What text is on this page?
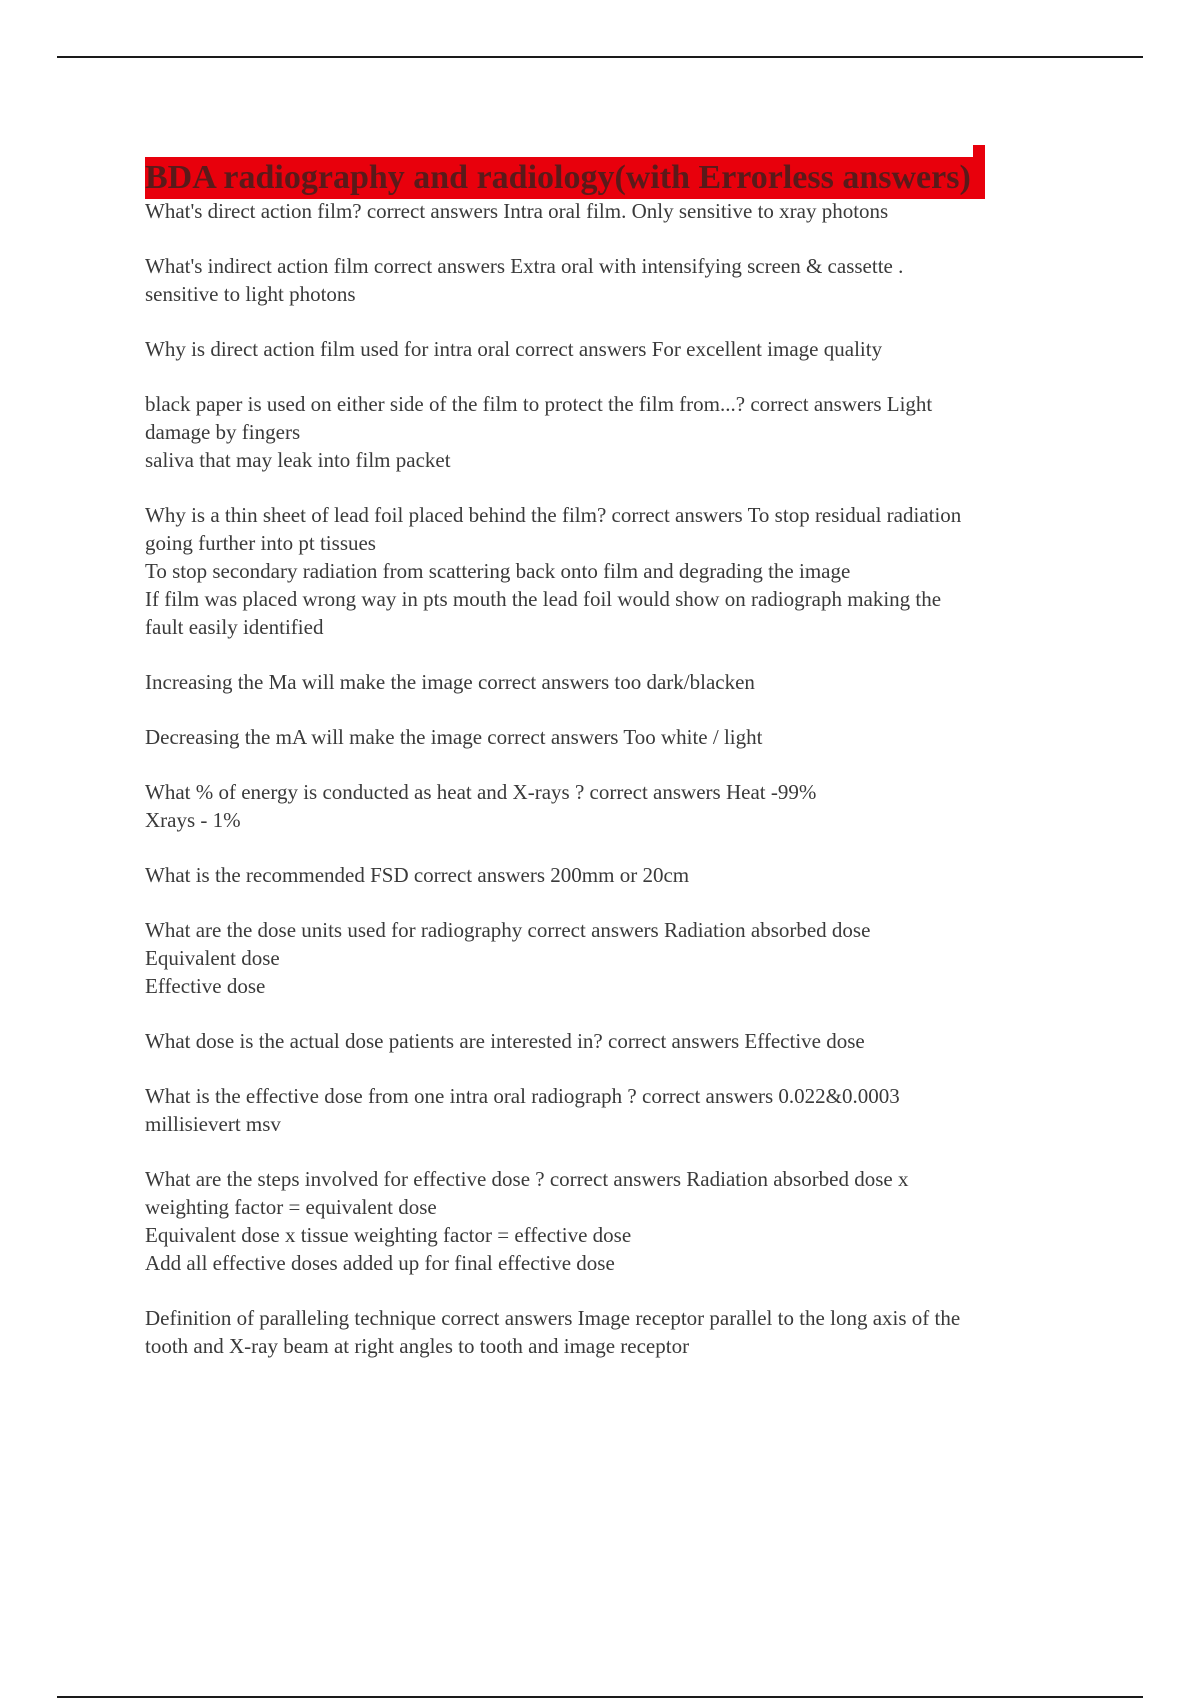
BDA radiography and radiology(with Errorless answers)
What's direct action film? correct answers Intra oral film. Only sensitive to xray photons
What's indirect action film correct answers Extra oral with intensifying screen & cassette .
sensitive to light photons
Why is direct action film used for intra oral correct answers For excellent image quality
black paper is used on either side of the film to protect the film from...? correct answers Light
damage by fingers
saliva that may leak into film packet
Why is a thin sheet of lead foil placed behind the film? correct answers To stop residual radiation
going further into pt tissues
To stop secondary radiation from scattering back onto film and degrading the image
If film was placed wrong way in pts mouth the lead foil would show on radiograph making the
fault easily identified
Increasing the Ma will make the image correct answers too dark/blacken
Decreasing the mA will make the image correct answers Too white / light
What % of energy is conducted as heat and X-rays ? correct answers Heat -99%
Xrays - 1%
What is the recommended FSD correct answers 200mm or 20cm
What are the dose units used for radiography correct answers Radiation absorbed dose
Equivalent dose
Effective dose
What dose is the actual dose patients are interested in? correct answers Effective dose
What is the effective dose from one intra oral radiograph ? correct answers 0.022&0.0003
millisievert msv
What are the steps involved for effective dose ? correct answers Radiation absorbed dose x
weighting factor = equivalent dose
Equivalent dose x tissue weighting factor = effective dose
Add all effective doses added up for final effective dose
Definition of paralleling technique correct answers Image receptor parallel to the long axis of the
tooth and X-ray beam at right angles to tooth and image receptor
